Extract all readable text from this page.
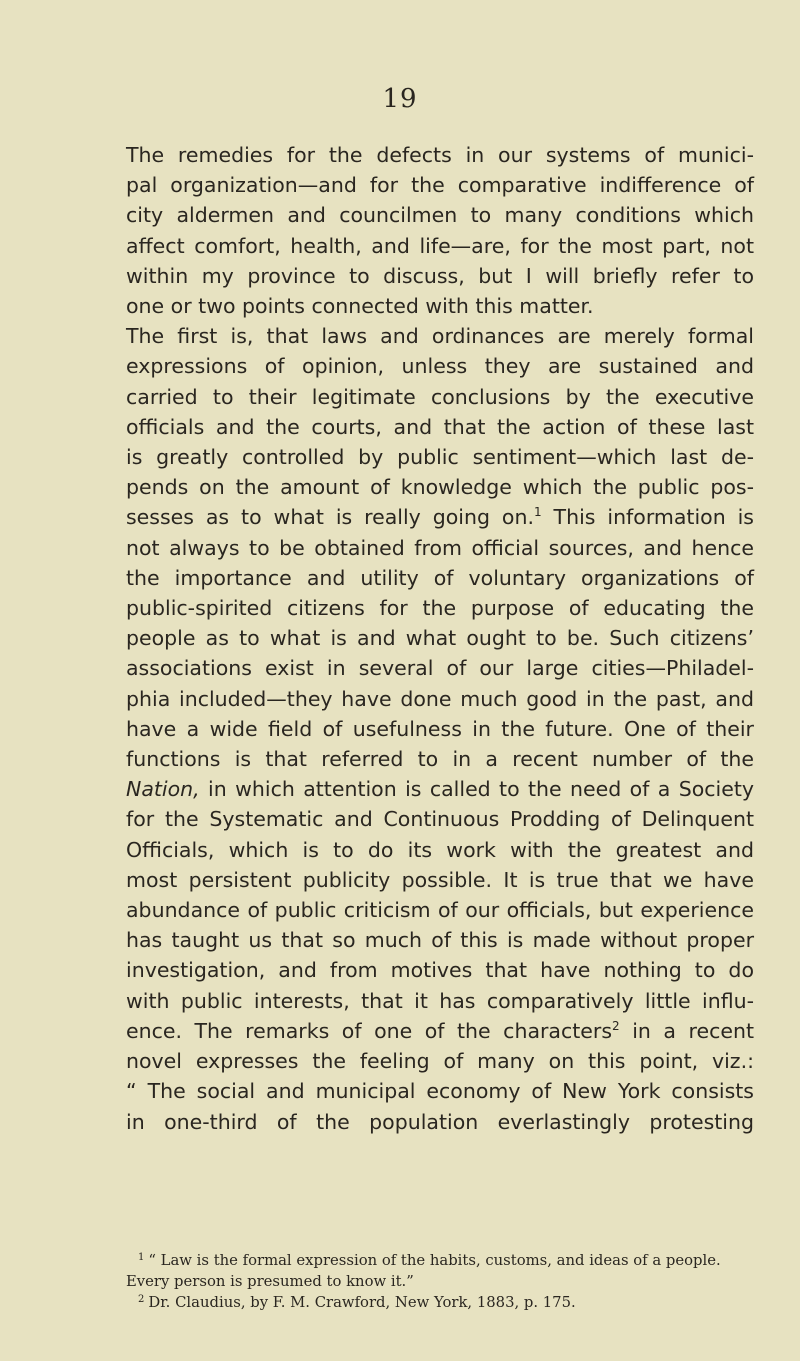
19
The remedies for the defects in our systems of munici-
pal organization—and for the comparative indifference of
city aldermen and councilmen to many conditions which
affect comfort, health, and life—are, for the most part, not
within my province to discuss, but I will briefly refer to
one or two points connected with this matter.
The first is, that laws and ordinances are merely formal
expressions of opinion, unless they are sustained and
carried to their legitimate conclusions by the executive
officials and the courts, and that the action of these last
is greatly controlled by public sentiment—which last de-
pends on the amount of knowledge which the public pos-
sesses as to what is really going on.$^1$ This information is
not always to be obtained from official sources, and hence
the importance and utility of voluntary organizations of
public-spirited citizens for the purpose of educating the
people as to what is and what ought to be. Such citizens’
associations exist in several of our large cities—Philadel-
phia included—they have done much good in the past, and
have a wide field of usefulness in the future. One of their
functions is that referred to in a recent number of the
Nation, in which attention is called to the need of a Society
for the Systematic and Continuous Prodding of Delinquent
Officials, which is to do its work with the greatest and
most persistent publicity possible. It is true that we have
abundance of public criticism of our officials, but experience
has taught us that so much of this is made without proper
investigation, and from motives that have nothing to do
with public interests, that it has comparatively little influ-
ence. The remarks of one of the characters$^2$ in a recent
novel expresses the feeling of many on this point, viz.:
“ The social and municipal economy of New York consists
in one-third of the population everlastingly protesting
$^1$ “ Law is the formal expression of the habits, customs, and ideas of a people.
Every person is presumed to know it.”
$^2$ Dr. Claudius, by F. M. Crawford, New York, 1883, p. 175.
